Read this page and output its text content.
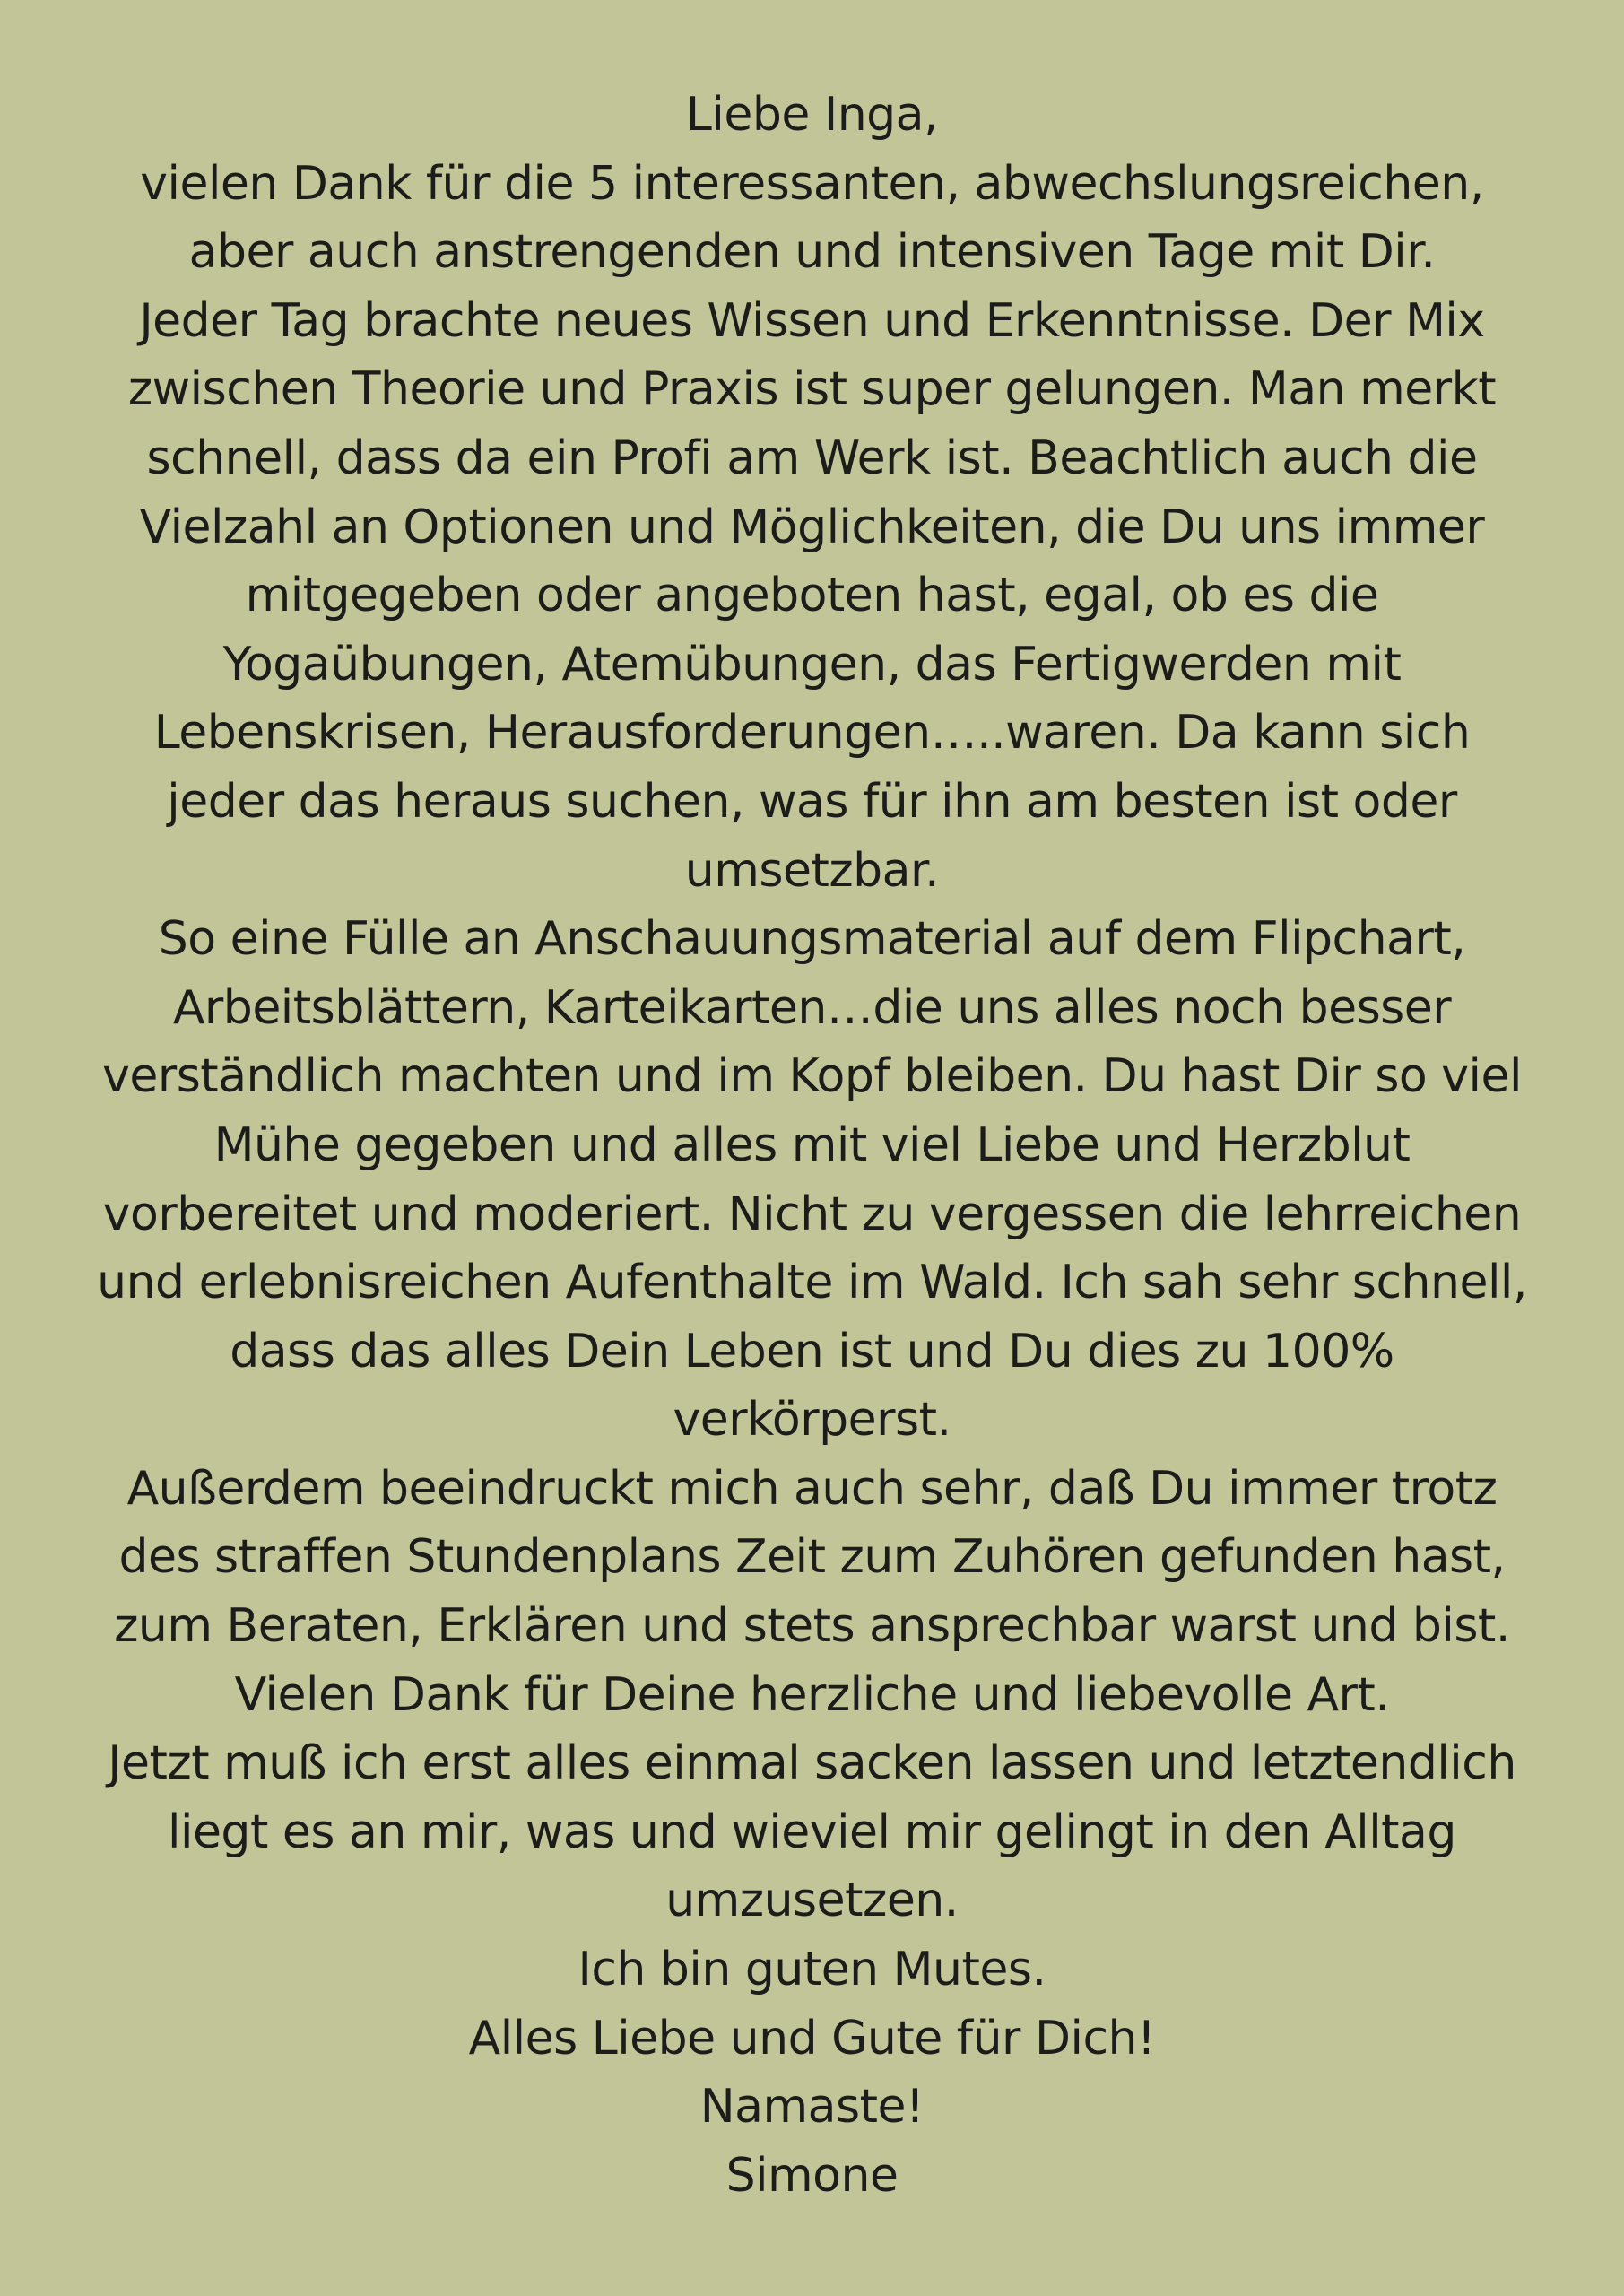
Liebe Inga,
vielen Dank für die 5 interessanten, abwechslungsreichen,
aber auch anstrengenden und intensiven Tage mit Dir.
Jeder Tag brachte neues Wissen und Erkenntnisse. Der Mix
zwischen Theorie und Praxis ist super gelungen. Man merkt
schnell, dass da ein Profi am Werk ist. Beachtlich auch die
Vielzahl an Optionen und Möglichkeiten, die Du uns immer
mitgegeben oder angeboten hast, egal, ob es die
Yogaübungen, Atemübungen, das Fertigwerden mit
Lebenskrisen, Herausforderungen…..waren. Da kann sich
jeder das heraus suchen, was für ihn am besten ist oder
umsetzbar.
So eine Fülle an Anschauungsmaterial auf dem Flipchart,
Arbeitsblättern, Karteikarten…die uns alles noch besser
verständlich machten und im Kopf bleiben. Du hast Dir so viel
Mühe gegeben und alles mit viel Liebe und Herzblut
vorbereitet und moderiert. Nicht zu vergessen die lehrreichen
und erlebnisreichen Aufenthalte im Wald. Ich sah sehr schnell,
dass das alles Dein Leben ist und Du dies zu 100%
verkörperst.
Außerdem beeindruckt mich auch sehr, daß Du immer trotz
des straffen Stundenplans Zeit zum Zuhören gefunden hast,
zum Beraten, Erklären und stets ansprechbar warst und bist.
Vielen Dank für Deine herzliche und liebevolle Art.
Jetzt muß ich erst alles einmal sacken lassen und letztendlich
liegt es an mir, was und wieviel mir gelingt in den Alltag
umzusetzen.
Ich bin guten Mutes.
Alles Liebe und Gute für Dich!
Namaste!
Simone
